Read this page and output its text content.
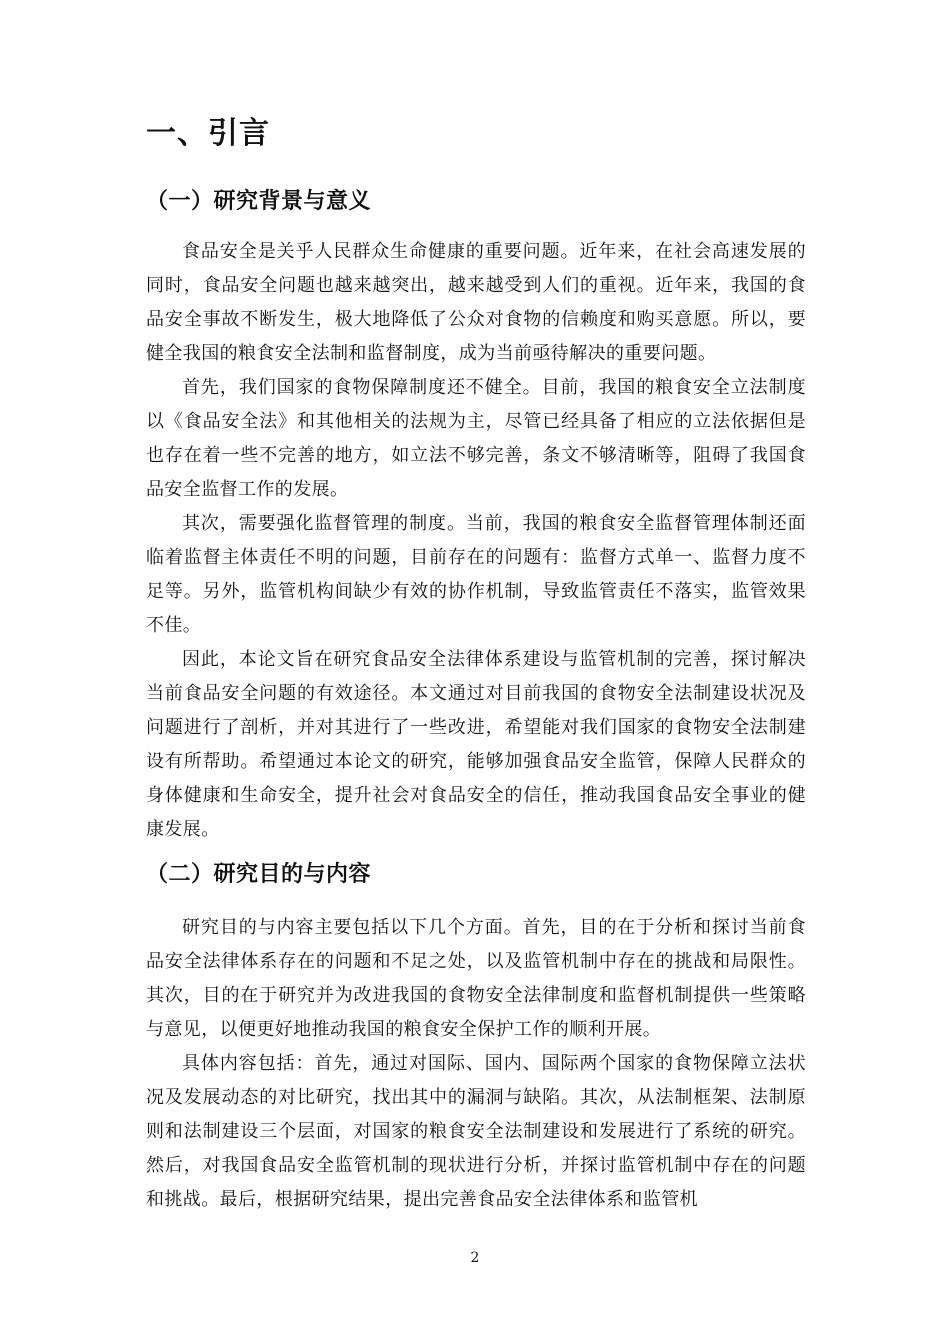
一、引言
（一）研究背景与意义

食品安全是关乎人民群众生命健康的重要问题。近年来，在社会高速发展的同时，食品安全问题也越来越突出，越来越受到人们的重视。近年来，我国的食品安全事故不断发生，极大地降低了公众对食物的信赖度和购买意愿。所以，要健全我国的粮食安全法制和监督制度，成为当前亟待解决的重要问题。

首先，我们国家的食物保障制度还不健全。目前，我国的粮食安全立法制度以《食品安全法》和其他相关的法规为主，尽管已经具备了相应的立法依据但是也存在着一些不完善的地方，如立法不够完善，条文不够清晰等，阻碍了我国食品安全监督工作的发展。

其次，需要强化监督管理的制度。当前，我国的粮食安全监督管理体制还面临着监督主体责任不明的问题，目前存在的问题有：监督方式单一、监督力度不足等。另外，监管机构间缺少有效的协作机制，导致监管责任不落实，监管效果不佳。

因此，本论文旨在研究食品安全法律体系建设与监管机制的完善，探讨解决当前食品安全问题的有效途径。本文通过对目前我国的食物安全法制建设状况及问题进行了剖析，并对其进行了一些改进，希望能对我们国家的食物安全法制建设有所帮助。希望通过本论文的研究，能够加强食品安全监管，保障人民群众的身体健康和生命安全，提升社会对食品安全的信任，推动我国食品安全事业的健康发展。

（二）研究目的与内容

研究目的与内容主要包括以下几个方面。首先，目的在于分析和探讨当前食品安全法律体系存在的问题和不足之处，以及监管机制中存在的挑战和局限性。其次，目的在于研究并为改进我国的食物安全法律制度和监督机制提供一些策略与意见，以便更好地推动我国的粮食安全保护工作的顺利开展。

具体内容包括：首先，通过对国际、国内、国际两个国家的食物保障立法状况及发展动态的对比研究，找出其中的漏洞与缺陷。其次，从法制框架、法制原则和法制建设三个层面，对国家的粮食安全法制建设和发展进行了系统的研究。然后，对我国食品安全监管机制的现状进行分析，并探讨监管机制中存在的问题和挑战。最后，根据研究结果，提出完善食品安全法律体系和监管机

2
